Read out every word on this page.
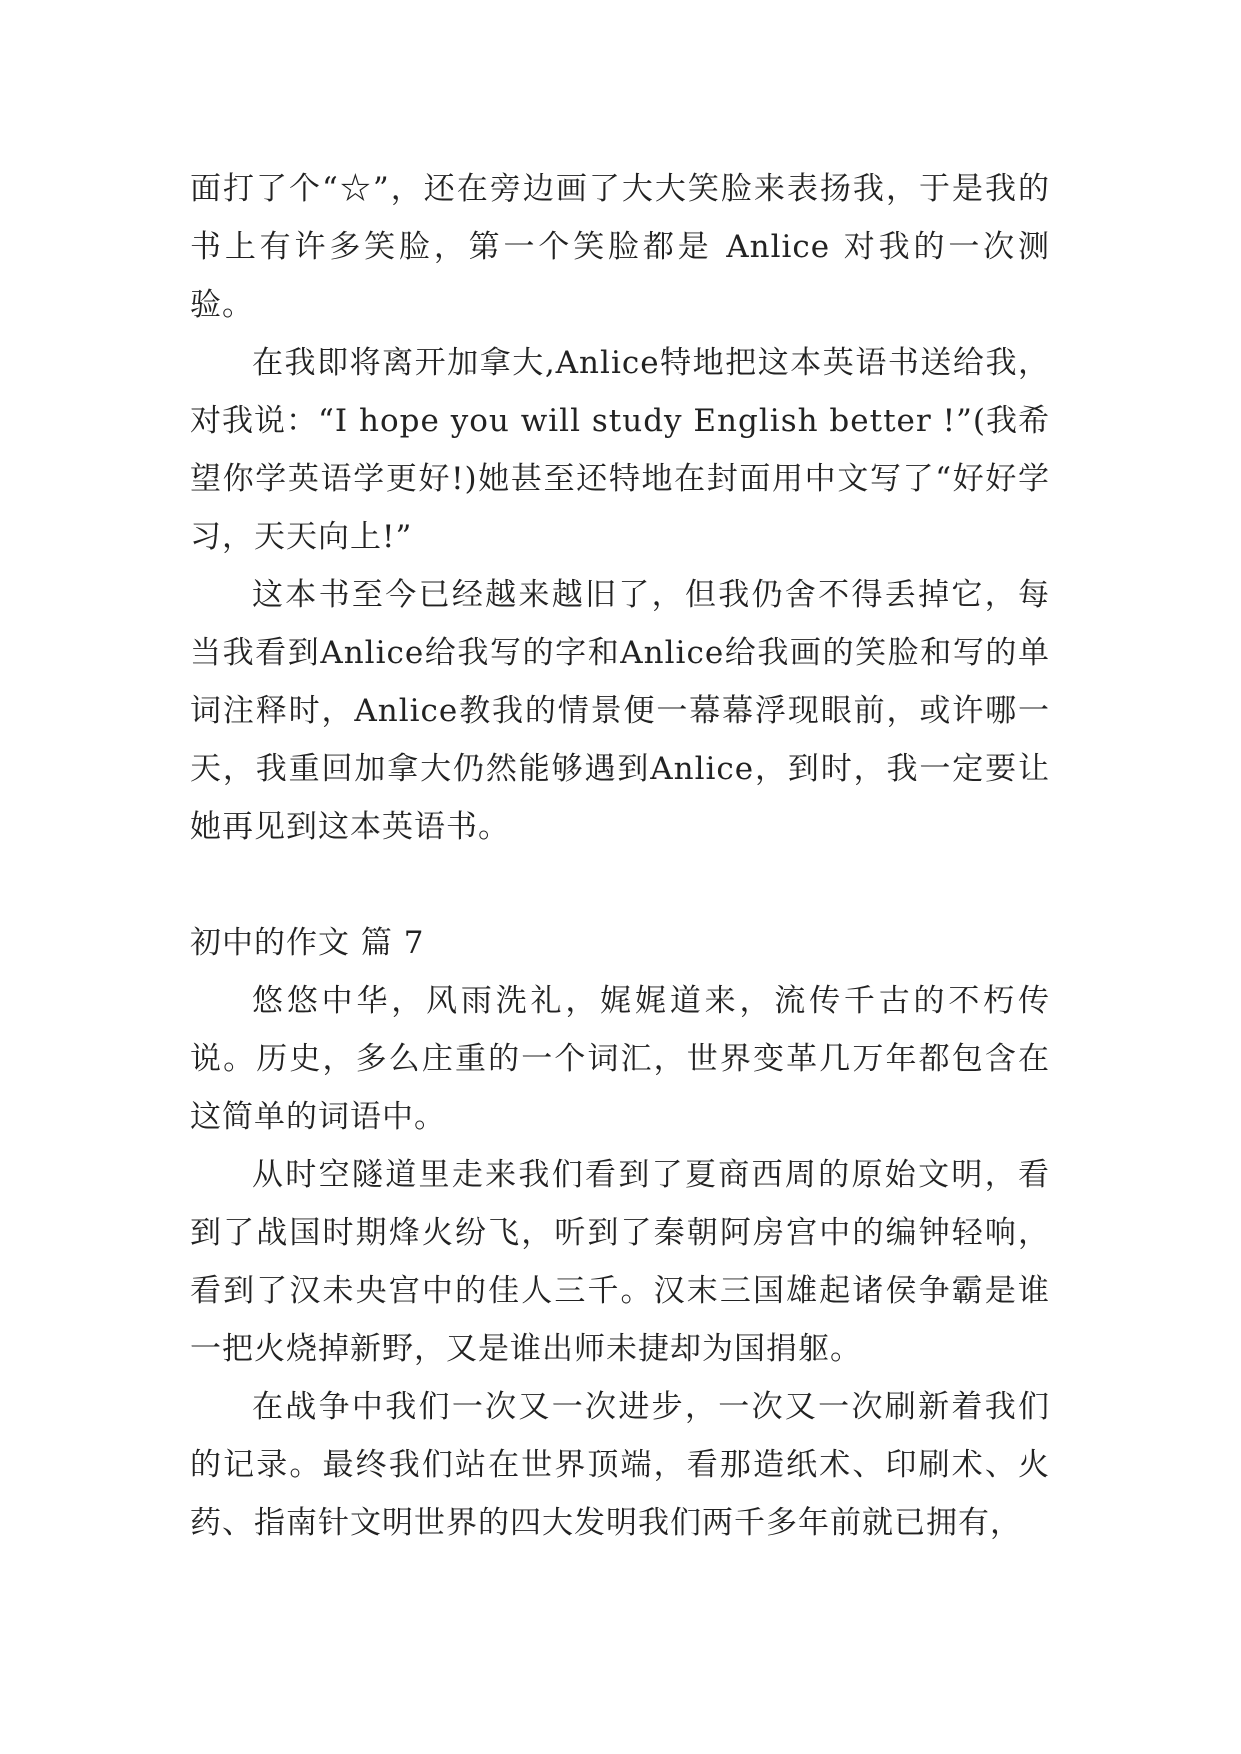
面打了个“☆”，还在旁边画了大大笑脸来表扬我，于是我的书上有许多笑脸，第一个笑脸都是 Anlice 对我的一次测验。

在我即将离开加拿大,Anlice特地把这本英语书送给我，对我说：“I hope you will study English better !”(我希望你学英语学更好!)她甚至还特地在封面用中文写了“好好学习，天天向上!”

这本书至今已经越来越旧了，但我仍舍不得丢掉它，每当我看到Anlice给我写的字和Anlice给我画的笑脸和写的单词注释时，Anlice教我的情景便一幕幕浮现眼前，或许哪一天，我重回加拿大仍然能够遇到Anlice，到时，我一定要让她再见到这本英语书。

初中的作文 篇 7

悠悠中华，风雨洗礼，娓娓道来，流传千古的不朽传说。历史，多么庄重的一个词汇，世界变革几万年都包含在这简单的词语中。

从时空隧道里走来我们看到了夏商西周的原始文明，看到了战国时期烽火纷飞，听到了秦朝阿房宫中的编钟轻响，看到了汉未央宫中的佳人三千。汉末三国雄起诸侯争霸是谁一把火烧掉新野，又是谁出师未捷却为国捐躯。

在战争中我们一次又一次进步，一次又一次刷新着我们的记录。最终我们站在世界顶端，看那造纸术、印刷术、火药、指南针文明世界的四大发明我们两千多年前就已拥有，
